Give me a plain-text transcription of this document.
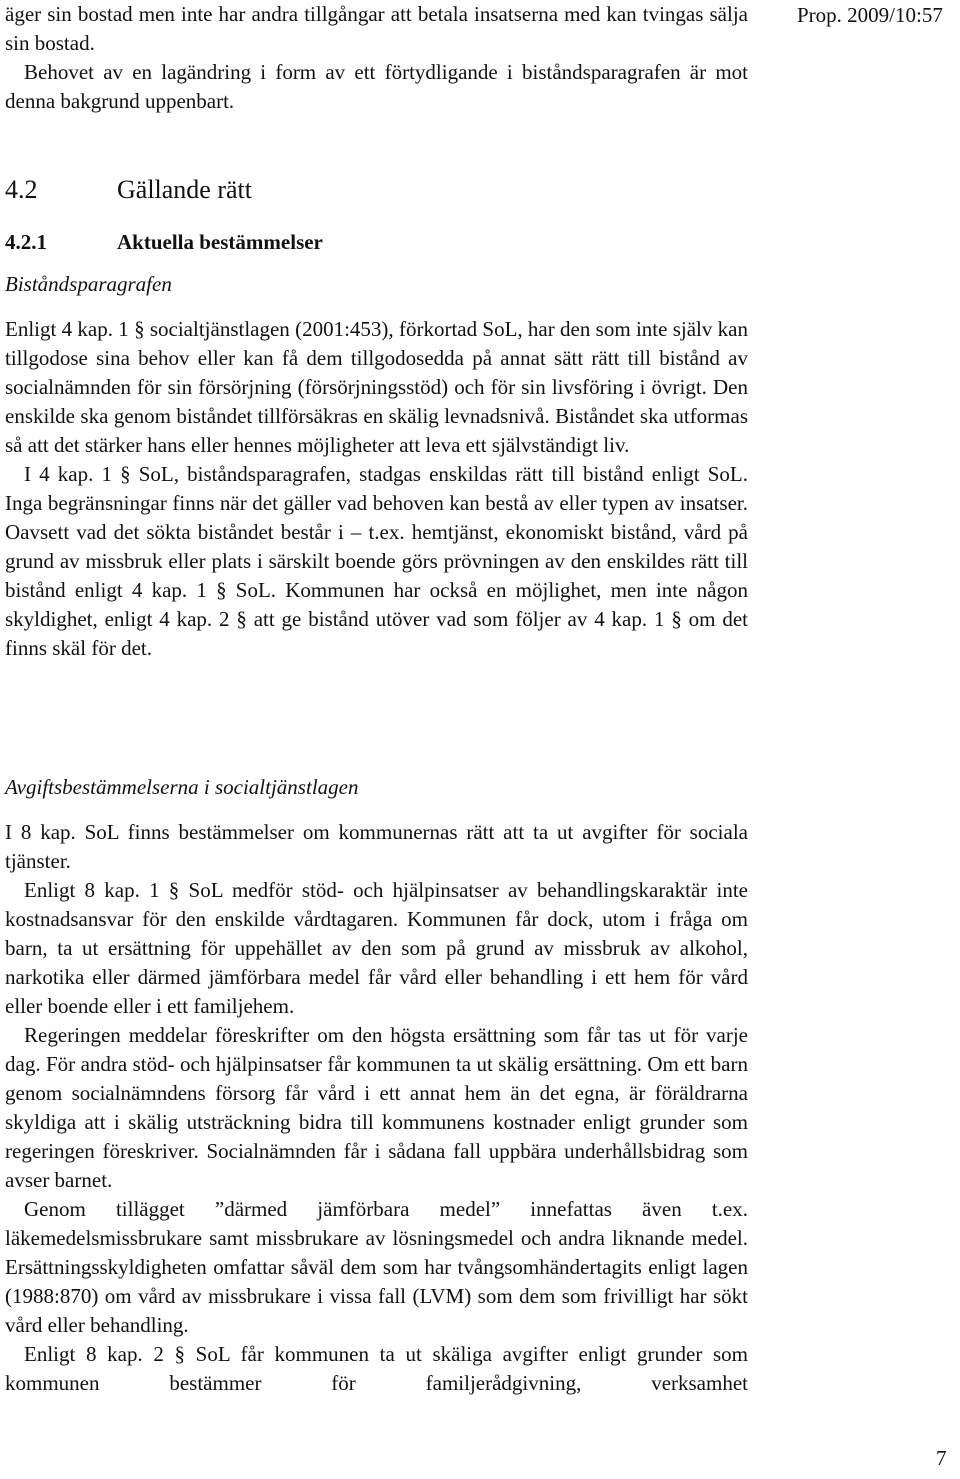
Prop. 2009/10:57

äger sin bostad men inte har andra tillgångar att betala insatserna med kan tvingas sälja sin bostad.

Behovet av en lagändring i form av ett förtydligande i biståndsparagrafen är mot denna bakgrund uppenbart.

4.2	Gällande rätt
4.2.1	Aktuella bestämmelser
Biståndsparagrafen

Enligt 4 kap. 1 § socialtjänstlagen (2001:453), förkortad SoL, har den som inte själv kan tillgodose sina behov eller kan få dem tillgodosedda på annat sätt rätt till bistånd av socialnämnden för sin försörjning (försörjningsstöd) och för sin livsföring i övrigt. Den enskilde ska genom biståndet tillförsäkras en skälig levnadsnivå. Biståndet ska utformas så att det stärker hans eller hennes möjligheter att leva ett självständigt liv.

I 4 kap. 1 § SoL, biståndsparagrafen, stadgas enskildas rätt till bistånd enligt SoL. Inga begränsningar finns när det gäller vad behoven kan bestå av eller typen av insatser. Oavsett vad det sökta biståndet består i – t.ex. hemtjänst, ekonomiskt bistånd, vård på grund av missbruk eller plats i särskilt boende görs prövningen av den enskildes rätt till bistånd enligt 4 kap. 1 § SoL. Kommunen har också en möjlighet, men inte någon skyldighet, enligt 4 kap. 2 § att ge bistånd utöver vad som följer av 4 kap. 1 § om det finns skäl för det.

Avgiftsbestämmelserna i socialtjänstlagen

I 8 kap. SoL finns bestämmelser om kommunernas rätt att ta ut avgifter för sociala tjänster.

Enligt 8 kap. 1 § SoL medför stöd- och hjälpinsatser av behandlingskaraktär inte kostnadsansvar för den enskilde vårdtagaren. Kommunen får dock, utom i fråga om barn, ta ut ersättning för uppehället av den som på grund av missbruk av alkohol, narkotika eller därmed jämförbara medel får vård eller behandling i ett hem för vård eller boende eller i ett familjehem.

Regeringen meddelar föreskrifter om den högsta ersättning som får tas ut för varje dag. För andra stöd- och hjälpinsatser får kommunen ta ut skälig ersättning. Om ett barn genom socialnämndens försorg får vård i ett annat hem än det egna, är föräldrarna skyldiga att i skälig utsträckning bidra till kommunens kostnader enligt grunder som regeringen föreskriver. Socialnämnden får i sådana fall uppbära underhållsbidrag som avser barnet.

Genom tillägget ”därmed jämförbara medel” innefattas även t.ex. läkemedelsmissbrukare samt missbrukare av lösningsmedel och andra liknande medel. Ersättningsskyldigheten omfattar såväl dem som har tvångsomhändertagits enligt lagen (1988:870) om vård av missbrukare i vissa fall (LVM) som dem som frivilligt har sökt vård eller behandling.

Enligt 8 kap. 2 § SoL får kommunen ta ut skäliga avgifter enligt grunder som kommunen bestämmer för familjerådgivning, verksamhet

7
